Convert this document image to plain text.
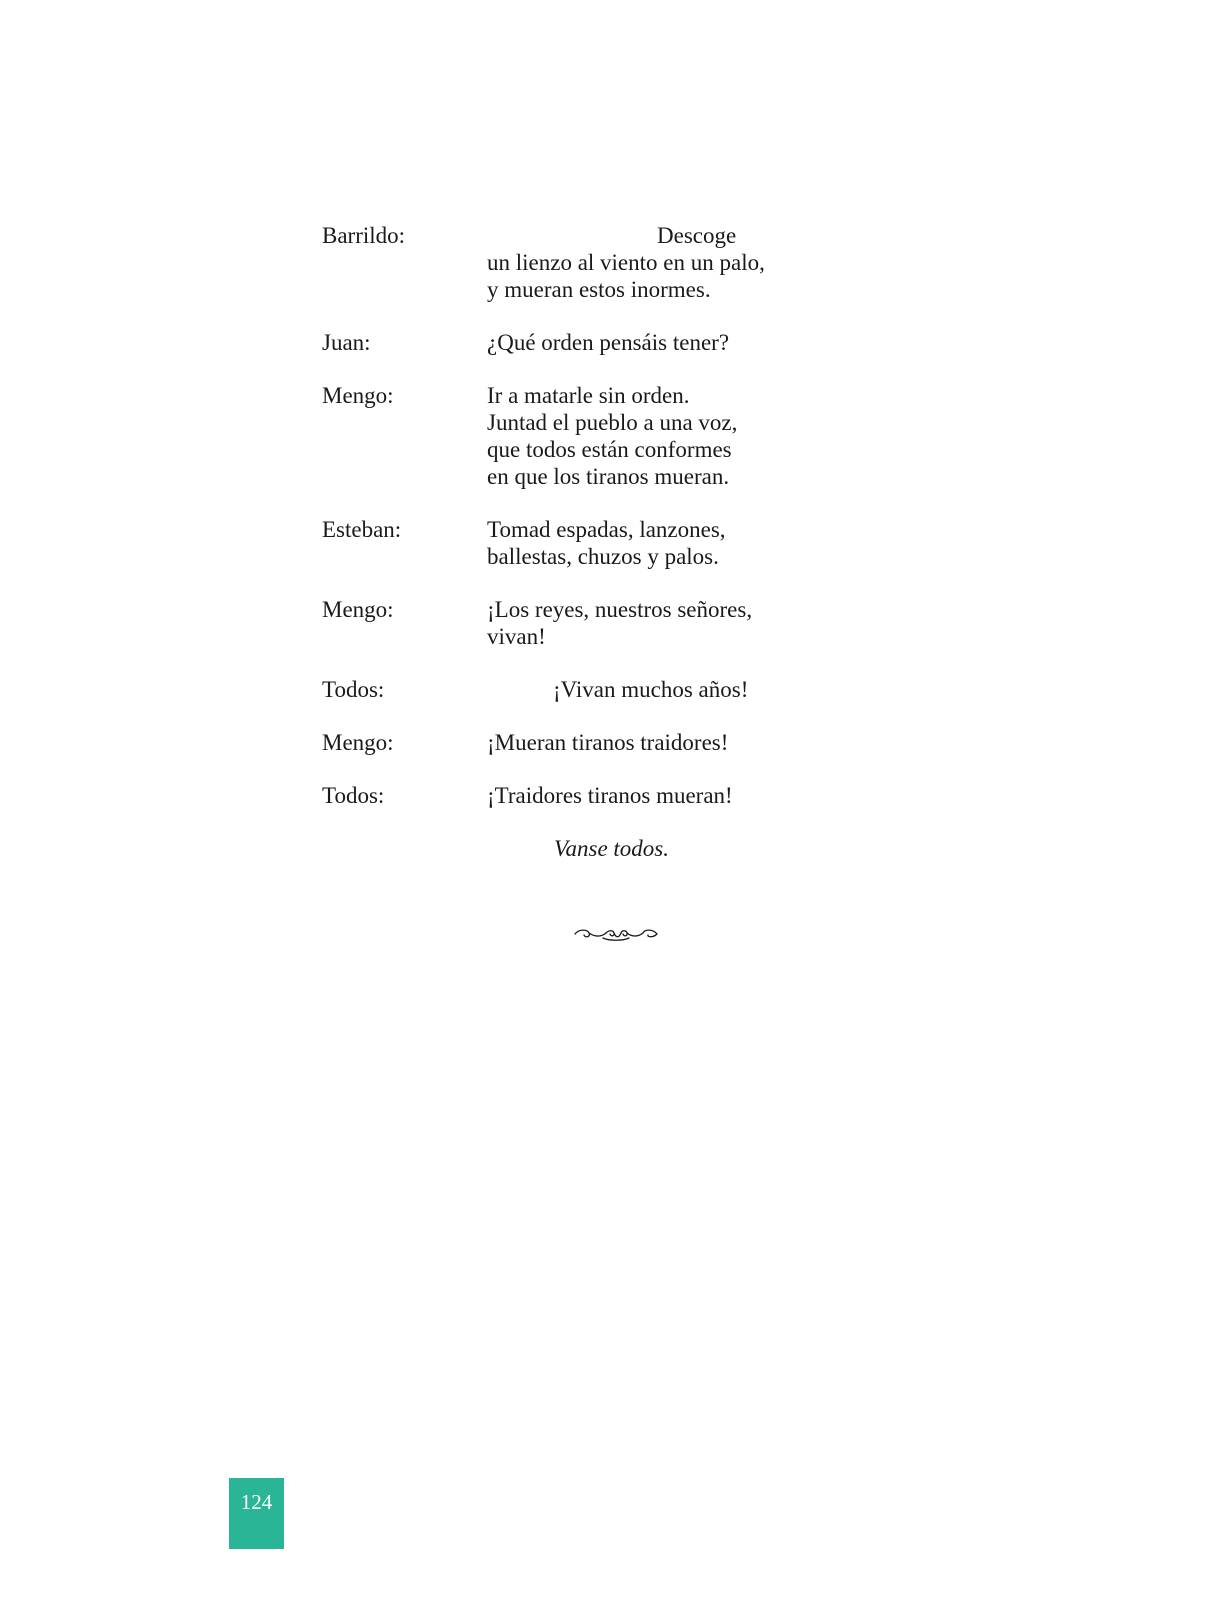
Barrildo:	Descoge
un lienzo al viento en un palo,
y mueran estos inormes.
Juan:	¿Qué orden pensáis tener?
Mengo:	Ir a matarle sin orden.
Juntad el pueblo a una voz,
que todos están conformes
en que los tiranos mueran.
Esteban:	Tomad espadas, lanzones,
ballestas, chuzos y palos.
Mengo:	¡Los reyes, nuestros señores,
vivan!
Todos:	¡Vivan muchos años!
Mengo:	¡Mueran tiranos traidores!
Todos:	¡Traidores tiranos mueran!
Vanse todos.
124
